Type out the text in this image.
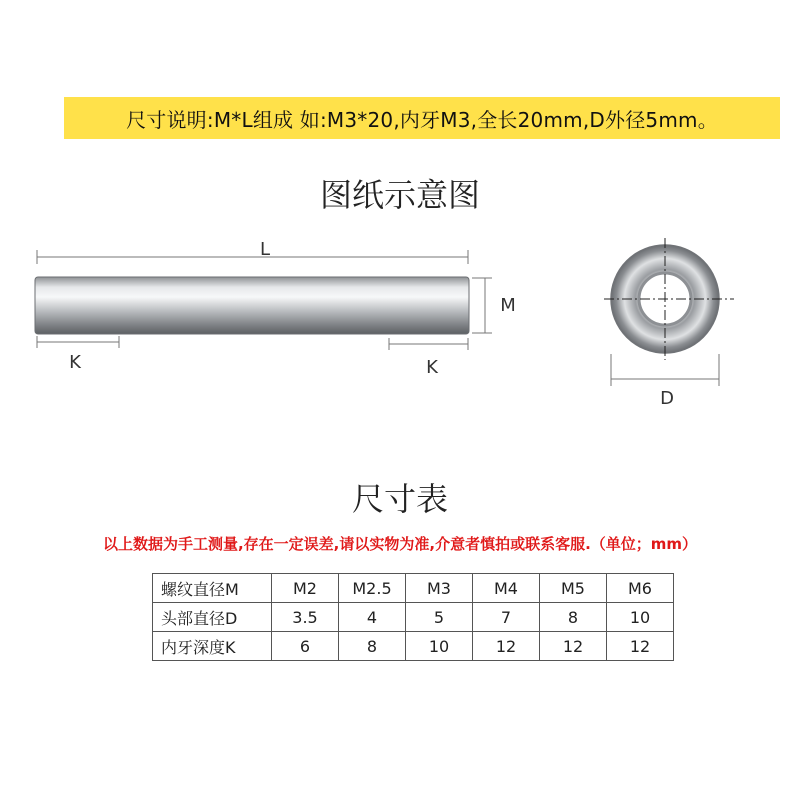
尺寸说明:M*L组成 如:M3*20,内牙M3,全长20mm,D外径5mm。
图纸示意图
L
M
K	K
D
尺寸表
以上数据为手工测量,存在一定误差,请以实物为准,介意者慎拍或联系客服.（单位；mm）
螺纹直径M	M2	M2.5	M3	M4	M5	M6
头部直径D	3.5	4	5	7	8	10
内牙深度K	6	8	10	12	12	12
